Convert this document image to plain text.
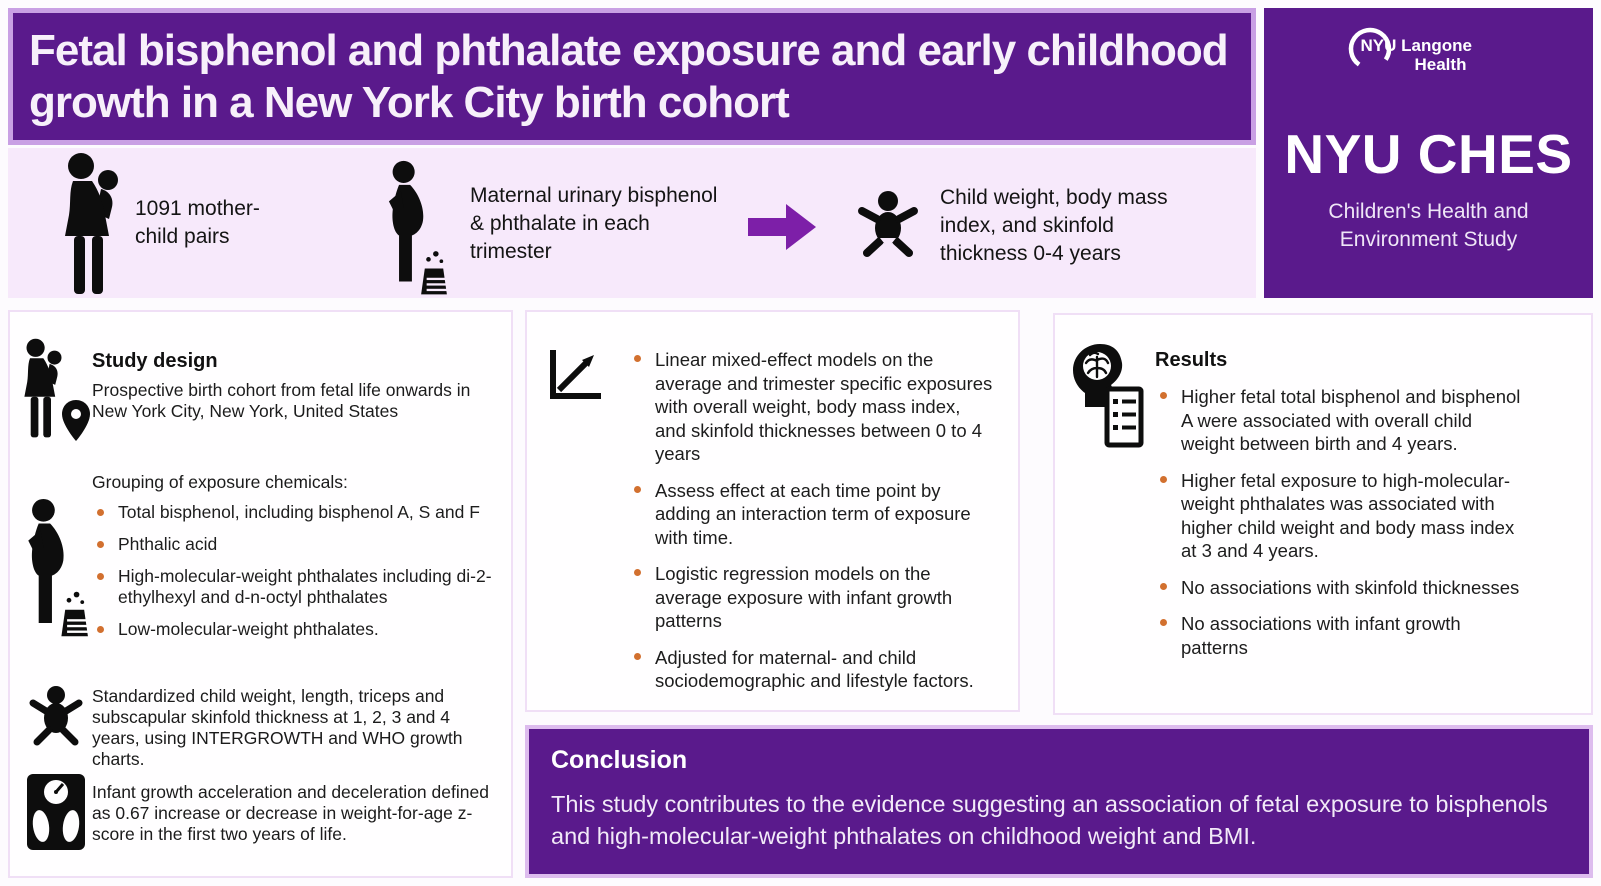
Fetal bisphenol and phthalate exposure and early childhood growth in a New York City birth cohort
1091 mother-child pairs
Maternal urinary bisphenol & phthalate in each trimester
Child weight, body mass index, and skinfold thickness 0-4 years
NYU Langone
Health
NYU CHES
Children's Health and Environment Study
Study design

Prospective birth cohort from fetal life onwards in New York City, New York, United States

Grouping of exposure chemicals:

Total bisphenol, including bisphenol A, S and F
Phthalic acid
High-molecular-weight phthalates including di-2-ethylhexyl and d-n-octyl phthalates
Low-molecular-weight phthalates.

Standardized child weight, length, triceps and subscapular skinfold thickness at 1, 2, 3 and 4 years, using INTERGROWTH and WHO growth charts.

Infant growth acceleration and deceleration defined as 0.67 increase or decrease in weight-for-age z-score in the first two years of life.

Linear mixed-effect models on the average and trimester specific exposures with overall weight, body mass index, and skinfold thicknesses between 0 to 4 years
Assess effect at each time point by adding an interaction term of exposure with time.
Logistic regression models on the average exposure with infant growth patterns
Adjusted for maternal- and child sociodemographic and lifestyle factors.
Results
Higher fetal total bisphenol and bisphenol A were associated with overall child weight between birth and 4 years.
Higher fetal exposure to high-molecular-weight phthalates was associated with higher child weight and body mass index at 3 and 4 years.
No associations with skinfold thicknesses
No associations with infant growth patterns
Conclusion

This study contributes to the evidence suggesting an association of fetal exposure to bisphenols and high-molecular-weight phthalates on childhood weight and BMI.
